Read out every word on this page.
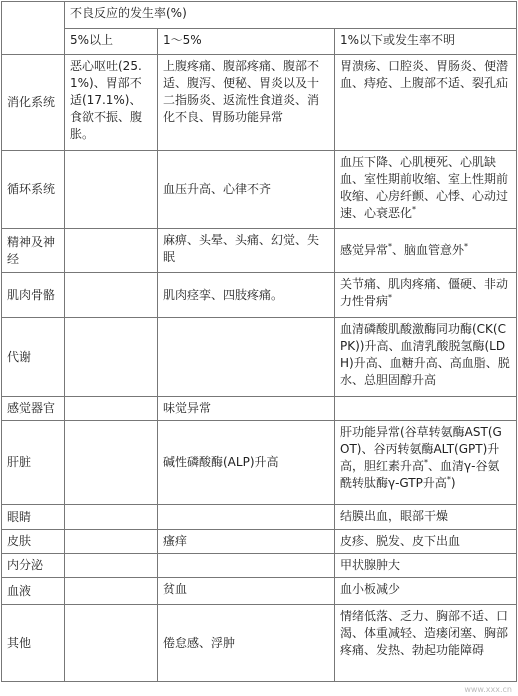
	不良反应的发生率(%)		
	5%以上	1～5%	1%以下或发生率不明
消化系统	恶心呕吐(25.1%)、胃部不适(17.1%)、食欲不振、腹胀。	上腹疼痛、腹部疼痛、腹部不适、腹泻、便秘、胃炎以及十二指肠炎、返流性食道炎、消化不良、胃肠功能异常	胃溃疡、口腔炎、胃肠炎、便潜血、痔疮、上腹部不适、裂孔疝
循环系统		血压升高、心律不齐	血压下降、心肌梗死、心肌缺血、室性期前收缩、室上性期前收缩、心房纤颤、心悸、心动过速、心衰恶化*
精神及神经		麻痹、头晕、头痛、幻觉、失眠	感觉异常*、脑血管意外*
肌肉骨骼		肌肉痉挛、四肢疼痛。	关节痛、肌肉疼痛、僵硬、非动力性骨病*
代谢			血清磷酸肌酸激酶同功酶(CK(CPK))升高、血清乳酸脱氢酶(LDH)升高、血糖升高、高血脂、脱水、总胆固醇升高
感觉器官		味觉异常	
肝脏		碱性磷酸酶(ALP)升高	肝功能异常(谷草转氨酶AST(GOT)、谷丙转氨酶ALT(GPT)升高，胆红素升高*、血清γ-谷氨酰转肽酶γ-GTP升高*)
眼睛			结膜出血，眼部干燥
皮肤		瘙痒	皮疹、脱发、皮下出血
内分泌			甲状腺肿大
血液		贫血	血小板减少
其他		倦怠感、浮肿	情绪低落、乏力、胸部不适、口渴、体重减轻、造瘘闭塞、胸部疼痛、发热、勃起功能障碍
www.xxx.cn
